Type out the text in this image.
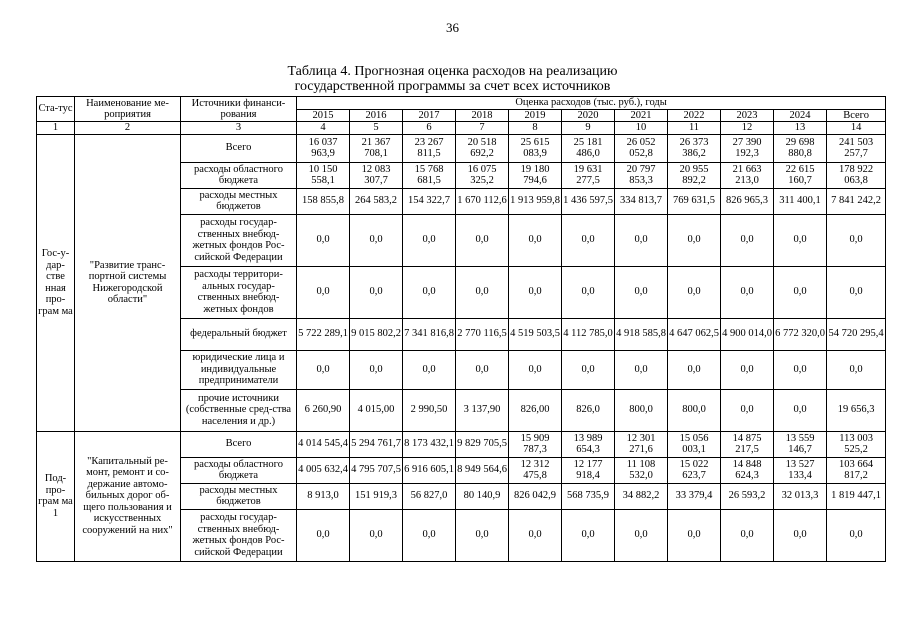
36
Таблица 4. Прогнозная оценка расходов на реализацию
государственной программы за счет всех источников
Ста-тус	Наименование ме-роприятия	Источники финанси-рования	Оценка расходов (тыс. руб.), годы										
			2015	2016	2017	2018	2019	2020	2021	2022	2023	2024	Всего
1	2	3	4	5	6	7	8	9	10	11	12	13	14
Гос-у-дар-стве нная про-грам ма	"Развитие транс-портной системы Нижегородской области"	Всего	16 037 963,9	21 367 708,1	23 267 811,5	20 518 692,2	25 615 083,9	25 181 486,0	26 052 052,8	26 373 386,2	27 390 192,3	29 698 880,8	241 503 257,7
		расходы областного бюджета	10 150 558,1	12 083 307,7	15 768 681,5	16 075 325,2	19 180 794,6	19 631 277,5	20 797 853,3	20 955 892,2	21 663 213,0	22 615 160,7	178 922 063,8
		расходы местных бюджетов	158 855,8	264 583,2	154 322,7	1 670 112,6	1 913 959,8	1 436 597,5	334 813,7	769 631,5	826 965,3	311 400,1	7 841 242,2
		расходы государ-ственных внебюд-жетных фондов Рос-сийской Федерации	0,0	0,0	0,0	0,0	0,0	0,0	0,0	0,0	0,0	0,0	0,0
		расходы территори-альных государ-ственных внебюд-жетных фондов	0,0	0,0	0,0	0,0	0,0	0,0	0,0	0,0	0,0	0,0	0,0
		федеральный бюджет	5 722 289,1	9 015 802,2	7 341 816,8	2 770 116,5	4 519 503,5	4 112 785,0	4 918 585,8	4 647 062,5	4 900 014,0	6 772 320,0	54 720 295,4
		юридические лица и индивидуальные предприниматели	0,0	0,0	0,0	0,0	0,0	0,0	0,0	0,0	0,0	0,0	0,0
		прочие источники (собственные сред-ства населения и др.)	6 260,90	4 015,00	2 990,50	3 137,90	826,00	826,0	800,0	800,0	0,0	0,0	19 656,3
Под-про-грам ма 1	"Капитальный ре-монт, ремонт и со-держание автомо-бильных дорог об-щего пользования и искусственных сооружений на них"	Всего	4 014 545,4	5 294 761,7	8 173 432,1	9 829 705,5	15 909 787,3	13 989 654,3	12 301 271,6	15 056 003,1	14 875 217,5	13 559 146,7	113 003 525,2
		расходы областного бюджета	4 005 632,4	4 795 707,5	6 916 605,1	8 949 564,6	12 312 475,8	12 177 918,4	11 108 532,0	15 022 623,7	14 848 624,3	13 527 133,4	103 664 817,2
		расходы местных бюджетов	8 913,0	151 919,3	56 827,0	80 140,9	826 042,9	568 735,9	34 882,2	33 379,4	26 593,2	32 013,3	1 819 447,1
		расходы государ-ственных внебюд-жетных фондов Рос-сийской Федерации	0,0	0,0	0,0	0,0	0,0	0,0	0,0	0,0	0,0	0,0	0,0
